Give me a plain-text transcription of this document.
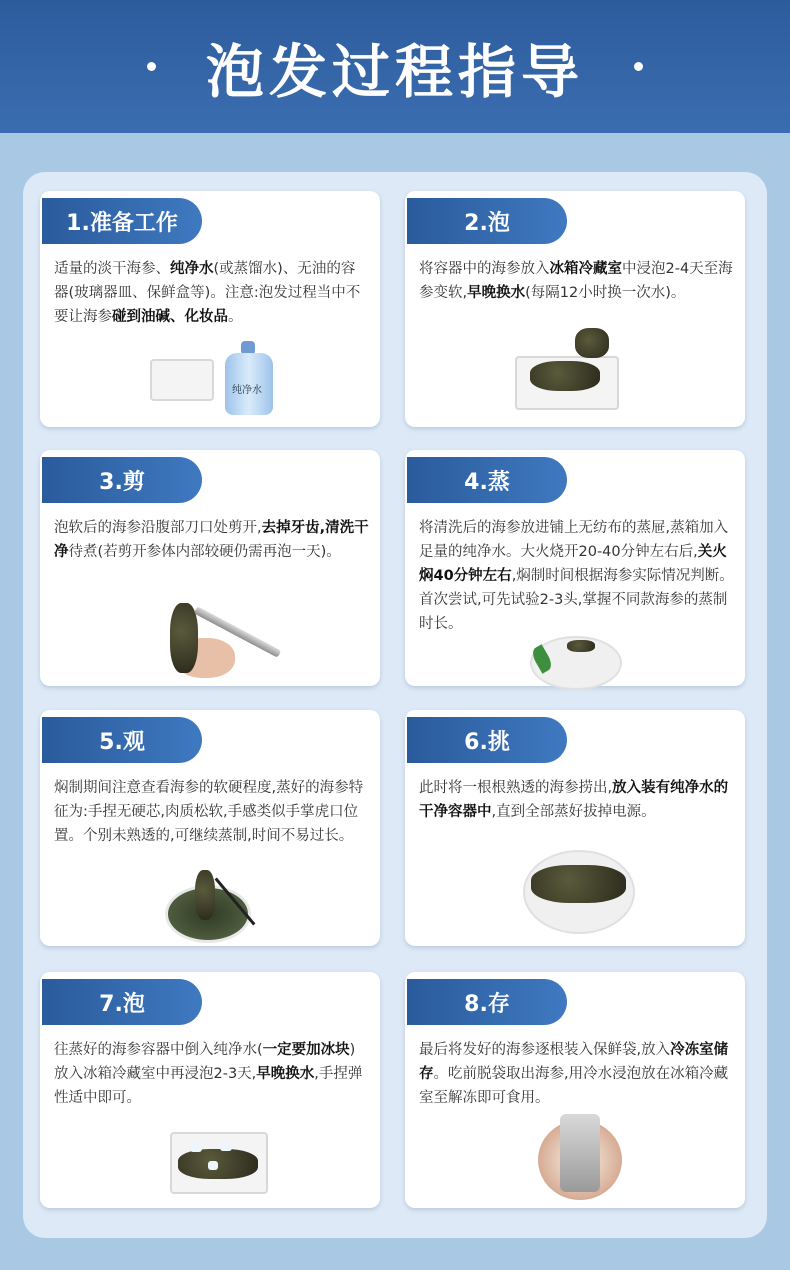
泡发过程指导
1.准备工作
适量的淡干海参、纯净水(或蒸馏水)、无油的容器(玻璃器皿、保鲜盒等)。注意:泡发过程当中不要让海参碰到油碱、化妆品。
纯净水
2.泡
将容器中的海参放入冰箱冷藏室中浸泡2-4天至海参变软,早晚换水(每隔12小时换一次水)。
3.剪
泡软后的海参沿腹部刀口处剪开,去掉牙齿,清洗干净待煮(若剪开参体内部较硬仍需再泡一天)。
4.蒸
将清洗后的海参放进铺上无纺布的蒸屉,蒸箱加入足量的纯净水。大火烧开20-40分钟左右后,关火焖40分钟左右,焖制时间根据海参实际情况判断。首次尝试,可先试验2-3头,掌握不同款海参的蒸制时长。
5.观
焖制期间注意查看海参的软硬程度,蒸好的海参特征为:手捏无硬芯,肉质松软,手感类似手掌虎口位置。个别未熟透的,可继续蒸制,时间不易过长。
6.挑
此时将一根根熟透的海参捞出,放入装有纯净水的干净容器中,直到全部蒸好拔掉电源。
7.泡
往蒸好的海参容器中倒入纯净水(一定要加冰块)放入冰箱冷藏室中再浸泡2-3天,早晚换水,手捏弹性适中即可。
8.存
最后将发好的海参逐根装入保鲜袋,放入冷冻室储存。吃前脱袋取出海参,用冷水浸泡放在冰箱冷藏室至解冻即可食用。
